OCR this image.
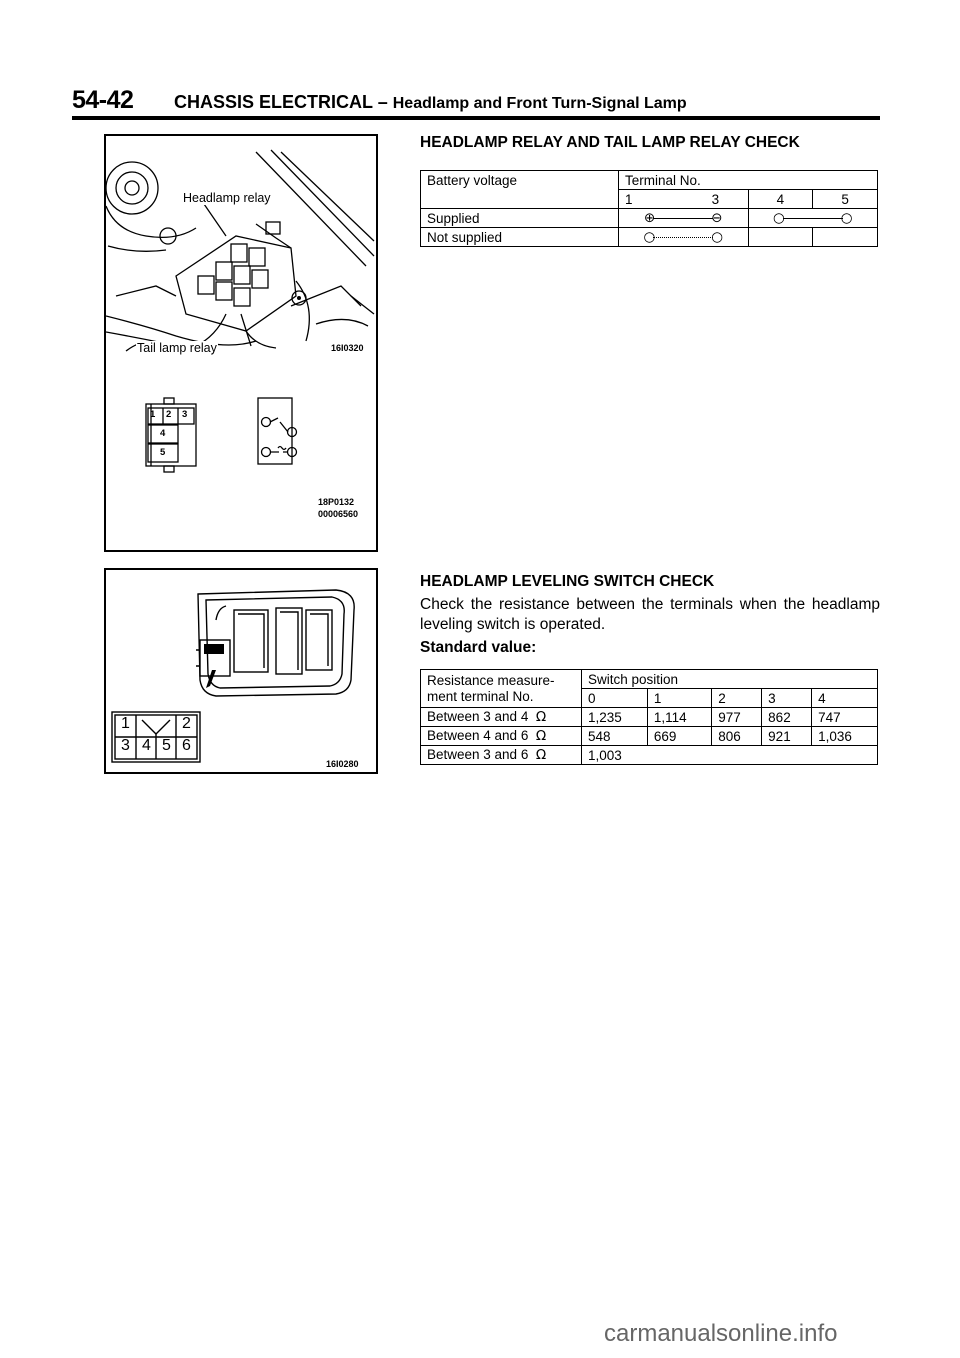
54-42 CHASSIS ELECTRICAL – Headlamp and Front Turn-Signal Lamp
Headlamp relay
Tail lamp relay	16I0320
1 2 3
4
5
18P0132
00006560
1	2
3 4 5 6
16I0280
HEADLAMP RELAY AND TAIL LAMP RELAY CHECK
Battery voltage	Terminal No.			
	1	3	4	5
Supplied	⊕ ⊖		○ ○	
Not supplied	○ ○			
HEADLAMP LEVELING SWITCH CHECK
Check the resistance between the terminals when the headlamp leveling switch is operated.
Standard value:
Resistance measure-
ment terminal No.	Switch position				
	0	1	2	3	4
Between 3 and 4 Ω	1,235	1,114	977	862	747
Between 4 and 6 Ω	548	669	806	921	1,036
Between 3 and 6 Ω	1,003				
carmanualsonline.info
